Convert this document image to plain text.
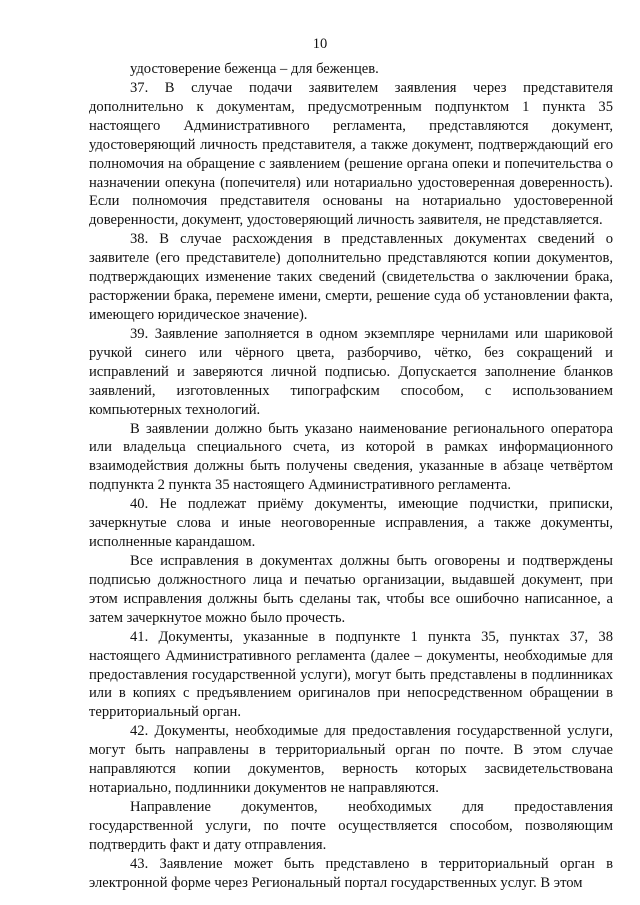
10

удостоверение беженца – для беженцев.

37. В случае подачи заявителем заявления через представителя дополнительно к документам, предусмотренным подпунктом 1 пункта 35 настоящего Административного регламента, представляются документ, удостоверяющий личность представителя, а также документ, подтверждающий его полномочия на обращение с заявлением (решение органа опеки и попечительства о назначении опекуна (попечителя) или нотариально удостоверенная доверенность). Если полномочия представителя основаны на нотариально удостоверенной доверенности, документ, удостоверяющий личность заявителя, не представляется.

38. В случае расхождения в представленных документах сведений о заявителе (его представителе) дополнительно представляются копии документов, подтверждающих изменение таких сведений (свидетельства о заключении брака, расторжении брака, перемене имени, смерти, решение суда об установлении факта, имеющего юридическое значение).

39. Заявление заполняется в одном экземпляре чернилами или шариковой ручкой синего или чёрного цвета, разборчиво, чётко, без сокращений и исправлений и заверяются личной подписью. Допускается заполнение бланков заявлений, изготовленных типографским способом, с использованием компьютерных технологий.

В заявлении должно быть указано наименование регионального оператора или владельца специального счета, из которой в рамках информационного взаимодействия должны быть получены сведения, указанные в абзаце четвёртом подпункта 2 пункта 35 настоящего Административного регламента.

40. Не подлежат приёму документы, имеющие подчистки, приписки, зачеркнутые слова и иные неоговоренные исправления, а также документы, исполненные карандашом.

Все исправления в документах должны быть оговорены и подтверждены подписью должностного лица и печатью организации, выдавшей документ, при этом исправления должны быть сделаны так, чтобы все ошибочно написанное, а затем зачеркнутое можно было прочесть.

41. Документы, указанные в подпункте 1 пункта 35, пунктах 37, 38 настоящего Административного регламента (далее – документы, необходимые для предоставления государственной услуги), могут быть представлены в подлинниках или в копиях с предъявлением оригиналов при непосредственном обращении в территориальный орган.

42. Документы, необходимые для предоставления государственной услуги, могут быть направлены в территориальный орган по почте. В этом случае направляются копии документов, верность которых засвидетельствована нотариально, подлинники документов не направляются.

Направление документов, необходимых для предоставления государственной услуги, по почте осуществляется способом, позволяющим подтвердить факт и дату отправления.

43. Заявление может быть представлено в территориальный орган в электронной форме через Региональный портал государственных услуг. В этом
